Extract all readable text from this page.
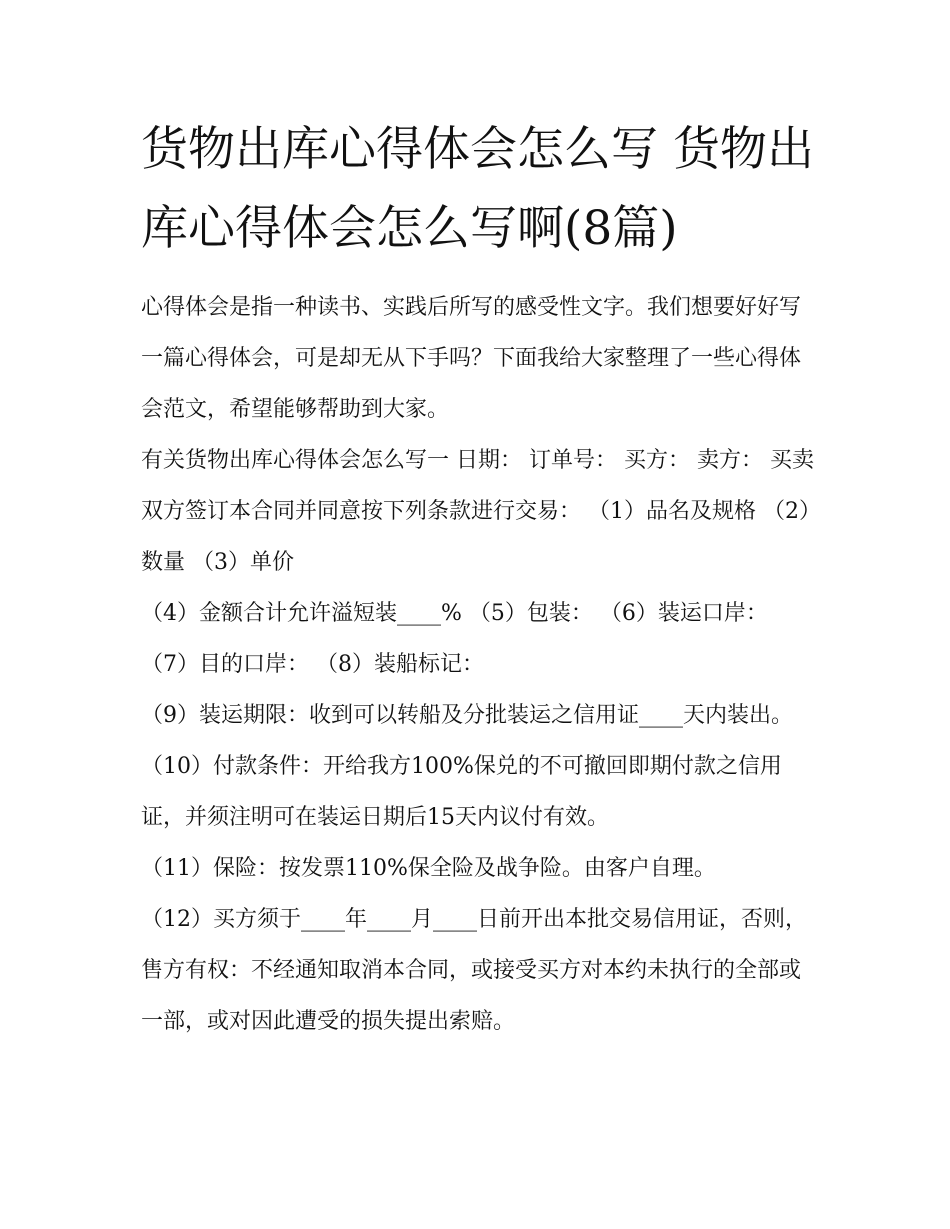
货物出库心得体会怎么写 货物出库心得体会怎么写啊(8篇)

心得体会是指一种读书、实践后所写的感受性文字。我们想要好好写一篇心得体会，可是却无从下手吗？下面我给大家整理了一些心得体会范文，希望能够帮助到大家。

有关货物出库心得体会怎么写一 日期： 订单号： 买方： 卖方： 买卖双方签订本合同并同意按下列条款进行交易： （1）品名及规格 （2）数量 （3）单价

（4）金额合计允许溢短装____% （5）包装： （6）装运口岸： （7）目的口岸： （8）装船标记：

（9）装运期限：收到可以转船及分批装运之信用证____天内装出。

（10）付款条件：开给我方100%保兑的不可撤回即期付款之信用证，并须注明可在装运日期后15天内议付有效。

（11）保险：按发票110%保全险及战争险。由客户自理。

（12）买方须于____年____月____日前开出本批交易信用证，否则，售方有权：不经通知取消本合同，或接受买方对本约未执行的全部或一部，或对因此遭受的损失提出索赔。
